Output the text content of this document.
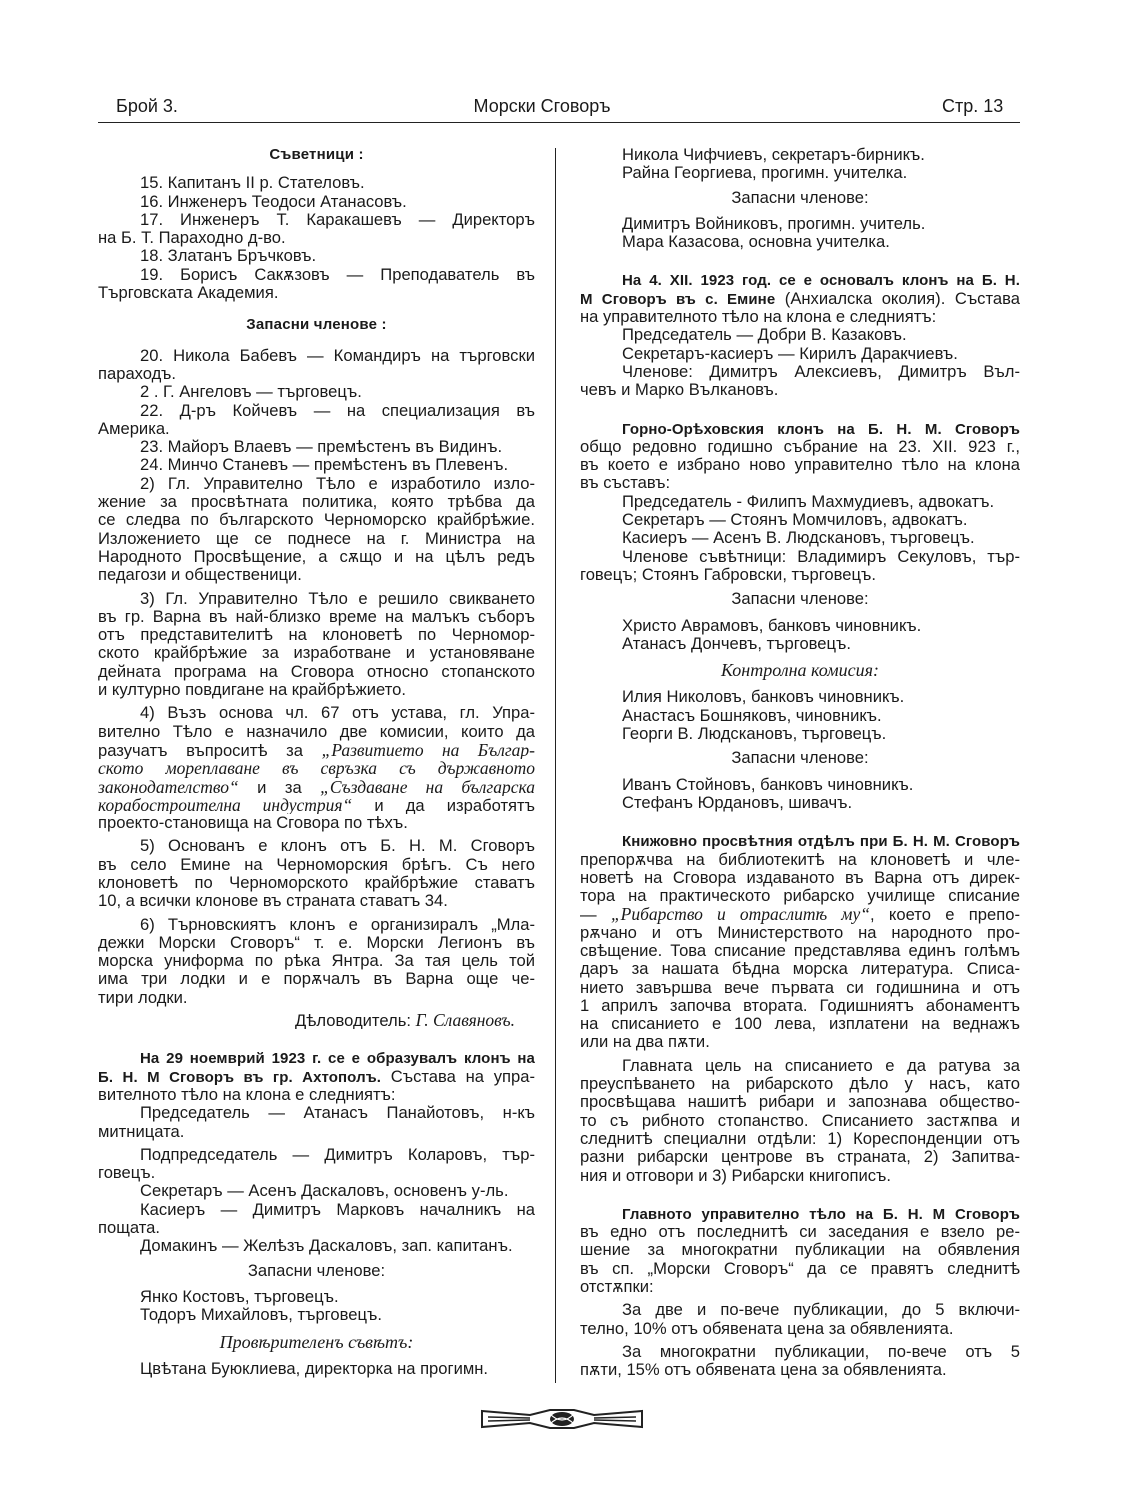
Брой 3.	Морски Сговоръ	Стр. 13
Съветници :
15. Капитанъ II р. Стателовъ.
16. Инженеръ Теодоси Атанасовъ.
17. Инженеръ Т. Каракашевъ — Директоръ
на Б. Т. Параходно д-во.
18. Златанъ Бръчковъ.
19. Борисъ Сакѫзовъ — Преподаватель въ
Търговската Академия.
Запасни членове :
20. Никола Бабевъ — Командиръ на търговски
параходъ.
2 . Г. Ангеловъ — търговецъ.
22. Д-ръ Койчевъ — на специализация въ
Америка.
23. Майоръ Влаевъ — премѣстенъ въ Видинъ.
24. Минчо Станевъ — премѣстенъ въ Плевенъ.
2) Гл. Управително Тѣло е изработило изло-
жение за просвѣтната политика, която трѣбва да
се следва по българското Черноморско крайбрѣжие.
Изложението ще се поднесе на г. Министра на
Народното Просвѣщение, а сѫщо и на цѣлъ редъ
педагози и общественици.
3) Гл. Управително Тѣло е решило свикването
въ гр. Варна въ най-близко време на малъкъ съборъ
отъ представителитѣ на клоноветѣ по Черномор-
ското крайбрѣжие за изработване и установяване
дейната програма на Сговора относно стопанското
и културно повдигане на крайбрѣжието.
4) Възъ основа чл. 67 отъ устава, гл. Упра-
вително Тѣло е назначило две комисии, които да
разучатъ въпроситѣ за „Развитието на Българ-
ското мореплаване въ свръзка съ държавното
законодателство“ и за „Създаване на българска
корабостроителна индустрия“ и да изработятъ
проекто-становища на Сговора по тѣхъ.
5) Основанъ е клонъ отъ Б. Н. М. Сговоръ
въ село Емине на Черноморския брѣгъ. Съ него
клоноветѣ по Черноморското крайбрѣжие ставатъ
10, а всички клонове въ страната ставатъ 34.
6) Търновскиятъ клонъ е организиралъ „Мла-
дежки Морски Сговоръ“ т. е. Морски Легионъ въ
морска униформа по рѣка Янтра. За тая цель той
има три лодки и е порѫчалъ въ Варна още че-
тири лодки.
Дѣловодитель: Г. Славяновъ.
На 29 ноемврий 1923 г. се е образувалъ клонъ на
Б. Н. М Сговоръ въ гр. Ахтополъ. Състава на упра-
вителното тѣло на клона е следниятъ:
Председатель — Атанасъ Панайотовъ, н-къ
митницата.
Подпредседатель — Димитръ Коларовъ, тър-
говецъ.
Секретаръ — Асенъ Даскаловъ, основенъ у-ль.
Касиеръ — Димитръ Марковъ началникъ на
пощата.
Домакинъ — Желѣзъ Даскаловъ, зап. капитанъ.
Запасни членове:
Янко Костовъ, търговецъ.
Тодоръ Михайловъ, търговецъ.
Провѣрителенъ съвѣтъ:
Цвѣтана Буюклиева, директорка на прогимн.
Никола Чифчиевъ, секретаръ-бирникъ.
Райна Георгиева, прогимн. учителка.
Запасни членове:
Димитръ Войниковъ, прогимн. учитель.
Мара Казасова, основна учителка.
На 4. XII. 1923 год. се е основалъ клонъ на Б. Н.
М Сговоръ въ с. Емине (Анхиалска околия). Състава
на управителното тѣло на клона е следниятъ:
Председатель — Добри В. Казаковъ.
Секретаръ-касиеръ — Кирилъ Даракчиевъ.
Членове: Димитръ Алексиевъ, Димитръ Въл-
чевъ и Марко Вълкановъ.
Горно-Орѣховския клонъ на Б. Н. М. Сговоръ
общо редовно годишно събрание на 23. XII. 923 г.,
въ което е избрано ново управително тѣло на клона
въ съставъ:
Председатель - Филипъ Махмудиевъ, адвокатъ.
Секретаръ — Стоянъ Момчиловъ, адвокатъ.
Касиеръ — Асенъ В. Людскановъ, търговецъ.
Членове съвѣтници: Владимиръ Секуловъ, тър-
говецъ; Стоянъ Габровски, търговецъ.
Запасни членове:
Христо Аврамовъ, банковъ чиновникъ.
Атанасъ Дончевъ, търговецъ.
Контролна комисия:
Илия Николовъ, банковъ чиновникъ.
Анастасъ Бошняковъ, чиновникъ.
Георги В. Людскановъ, търговецъ.
Запасни членове:
Иванъ Стойновъ, банковъ чиновникъ.
Стефанъ Юрдановъ, шивачъ.
Книжовно просвѣтния отдѣлъ при Б. Н. М. Сговоръ
препорѫчва на библиотекитѣ на клоноветѣ и чле-
новетѣ на Сговора издаваното въ Варна отъ дирек-
тора на практическото рибарско училище списание
— „Рибарство и отраслитѣ му“, което е препо-
рѫчано и отъ Министерството на народното про-
свѣщение. Това списание представлява единъ голѣмъ
даръ за нашата бѣдна морска литература. Списа-
нието завършва вече първата си годишнина и отъ
1 априлъ започва втората. Годишниятъ абонаментъ
на списанието е 100 лева, изплатени на веднажъ
или на два пѫти.
Главната цель на списанието е да ратува за
преуспѣването на рибарското дѣло у насъ, като
просвѣщава нашитѣ рибари и запознава общество-
то съ рибното стопанство. Списанието застѫпва и
следнитѣ специални отдѣли: 1) Кореспонденции отъ
разни рибарски центрове въ страната, 2) Запитва-
ния и отговори и 3) Рибарски книгописъ.
Главното управително тѣло на Б. Н. М Сговоръ
въ едно отъ последнитѣ си заседания е взело ре-
шение за многократни публикации на обявления
въ сп. „Морски Сговоръ“ да се правятъ следнитѣ
отстѫпки:
За две и по-вече публикации, до 5 включи-
телно, 10% отъ обявената цена за обявленията.
За многократни публикации, по-вече отъ 5
пѫти, 15% отъ обявената цена за обявленията.
